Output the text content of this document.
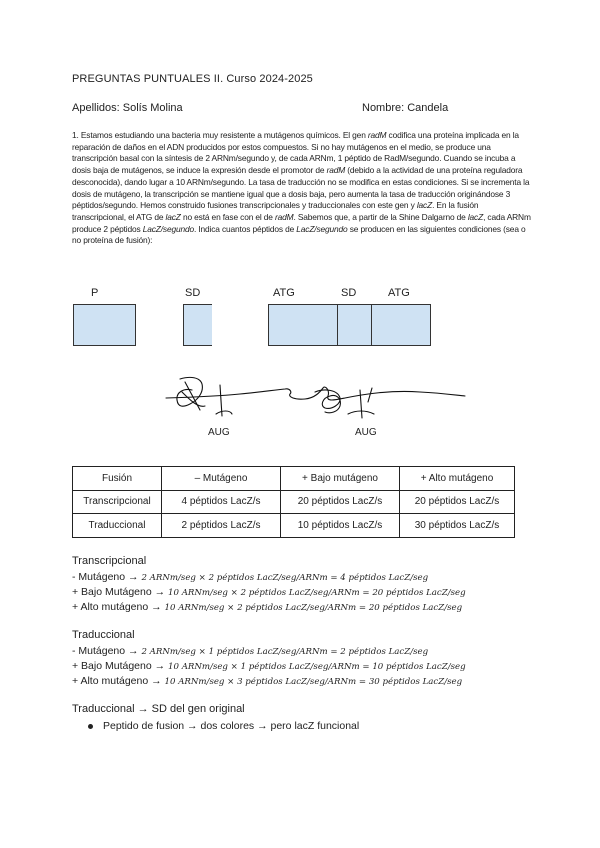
PREGUNTAS PUNTUALES II. Curso 2024-2025
Apellidos: Solís Molina	Nombre: Candela
1. Estamos estudiando una bacteria muy resistente a mutágenos químicos. El gen radM codifica una proteína implicada en la reparación de daños en el ADN producidos por estos compuestos. Si no hay mutágenos en el medio, se produce una transcripción basal con la síntesis de 2 ARNm/segundo y, de cada ARNm, 1 péptido de RadM/segundo. Cuando se incuba a dosis baja de mutágenos, se induce la expresión desde el promotor de radM (debido a la actividad de una proteína reguladora desconocida), dando lugar a 10 ARNm/segundo. La tasa de traducción no se modifica en estas condiciones. Si se incrementa la dosis de mutágeno, la transcripción se mantiene igual que a dosis baja, pero aumenta la tasa de traducción originándose 3 péptidos/segundo. Hemos construido fusiones transcripcionales y traduccionales con este gen y lacZ. En la fusión transcripcional, el ATG de lacZ no está en fase con el de radM. Sabemos que, a partir de la Shine Dalgarno de lacZ, cada ARNm produce 2 péptidos LacZ/segundo. Indica cuantos péptidos de LacZ/segundo se producen en las siguientes condiciones (sea o no proteína de fusión):
P	SD	ATG	SD	ATG
AUG	AUG
Fusión	– Mutágeno	+ Bajo mutágeno	+ Alto mutágeno
Transcripcional	4 péptidos LacZ/s	20 péptidos LacZ/s	20 péptidos LacZ/s
Traduccional	2 péptidos LacZ/s	10 péptidos LacZ/s	30 péptidos LacZ/s
Transcripcional
- Mutágeno → 2 ARNm/seg × 2 péptidos LacZ/seg/ARNm = 4 péptidos LacZ/seg
+ Bajo Mutágeno → 10 ARNm/seg × 2 péptidos LacZ/seg/ARNm = 20 péptidos LacZ/seg
+ Alto mutágeno → 10 ARNm/seg × 2 péptidos LacZ/seg/ARNm = 20 péptidos LacZ/seg
Traduccional
- Mutágeno → 2 ARNm/seg × 1 péptidos LacZ/seg/ARNm = 2 péptidos LacZ/seg
+ Bajo Mutágeno → 10 ARNm/seg × 1 péptidos LacZ/seg/ARNm = 10 péptidos LacZ/seg
+ Alto mutágeno → 10 ARNm/seg × 3 péptidos LacZ/seg/ARNm = 30 péptidos LacZ/seg
Traduccional → SD del gen original
Peptido de fusion → dos colores → pero lacZ funcional
